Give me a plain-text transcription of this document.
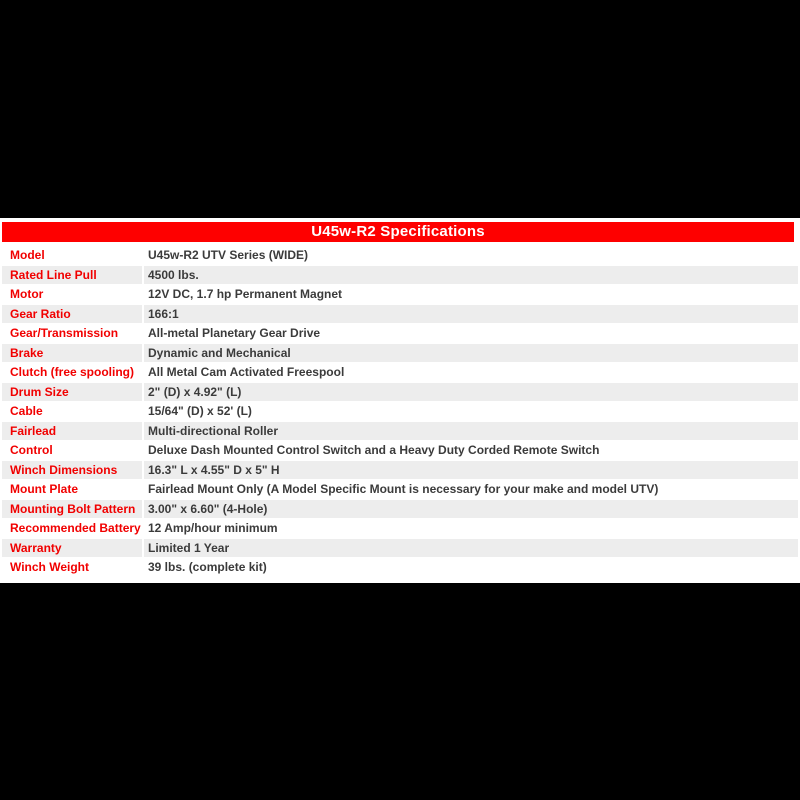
U45w-R2 Specifications
Model	U45w-R2 UTV Series (WIDE)
Rated Line Pull	4500 lbs.
Motor	12V DC, 1.7 hp Permanent Magnet
Gear Ratio	166:1
Gear/Transmission	All-metal Planetary Gear Drive
Brake	Dynamic and Mechanical
Clutch (free spooling)	All Metal Cam Activated Freespool
Drum Size	2" (D) x 4.92" (L)
Cable	15/64" (D) x 52' (L)
Fairlead	Multi-directional Roller
Control	Deluxe Dash Mounted Control Switch and a Heavy Duty Corded Remote Switch
Winch Dimensions	16.3" L x 4.55" D x 5" H
Mount Plate	Fairlead Mount Only (A Model Specific Mount is necessary for your make and model UTV)
Mounting Bolt Pattern	3.00" x 6.60" (4-Hole)
Recommended Battery 12 Amp/hour minimum
Warranty	Limited 1 Year
Winch Weight	39 lbs. (complete kit)
